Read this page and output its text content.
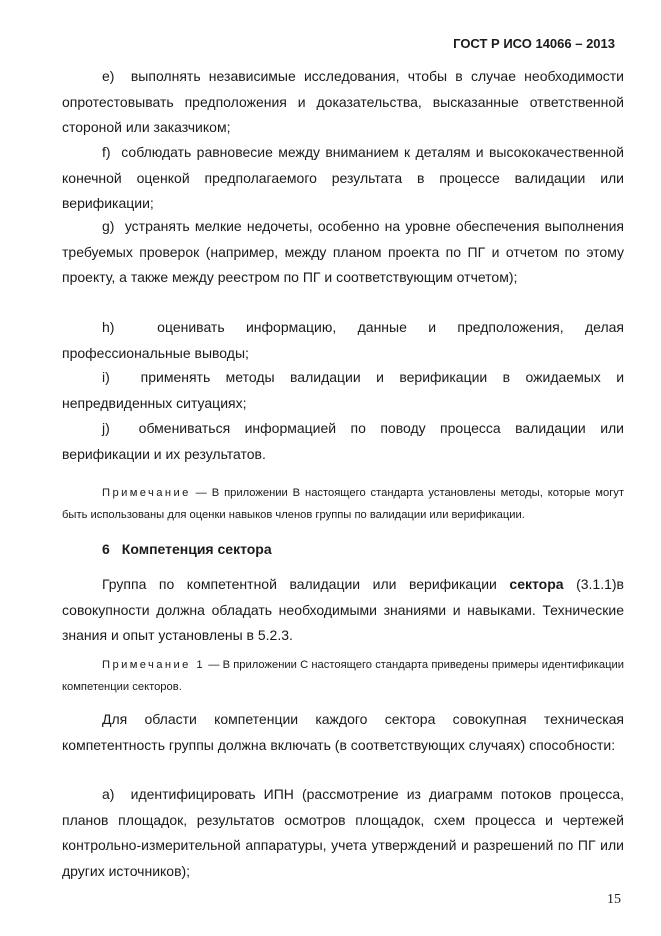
ГОСТ Р ИСО 14066 – 2013
e) выполнять независимые исследования, чтобы в случае необходимости опротестовывать предположения и доказательства, высказанные ответственной стороной или заказчиком;
f) соблюдать равновесие между вниманием к деталям и высококачественной конечной оценкой предполагаемого результата в процессе валидации или верификации;
g) устранять мелкие недочеты, особенно на уровне обеспечения выполнения требуемых проверок (например, между планом проекта по ПГ и отчетом по этому проекту, а также между реестром по ПГ и соответствующим отчетом);
h)	оценивать информацию, данные и предположения, делая профессиональные выводы;
i) применять методы валидации и верификации в ожидаемых и непредвиденных ситуациях;
j) обмениваться информацией по поводу процесса валидации или верификации и их результатов.
Примечание — В приложении В настоящего стандарта установлены методы, которые могут быть использованы для оценки навыков членов группы по валидации или верификации.
6 Компетенция сектора
Группа по компетентной валидации или верификации сектора (3.1.1)в совокупности должна обладать необходимыми знаниями и навыками. Технические знания и опыт установлены в 5.2.3.
Примечание 1 — В приложении С настоящего стандарта приведены примеры идентификации компетенции секторов.
Для области компетенции каждого сектора совокупная техническая компетентность группы должна включать (в соответствующих случаях) способности:
a) идентифицировать ИПН (рассмотрение из диаграмм потоков процесса, планов площадок, результатов осмотров площадок, схем процесса и чертежей контрольно-измерительной аппаратуры, учета утверждений и разрешений по ПГ или других источников);
15
